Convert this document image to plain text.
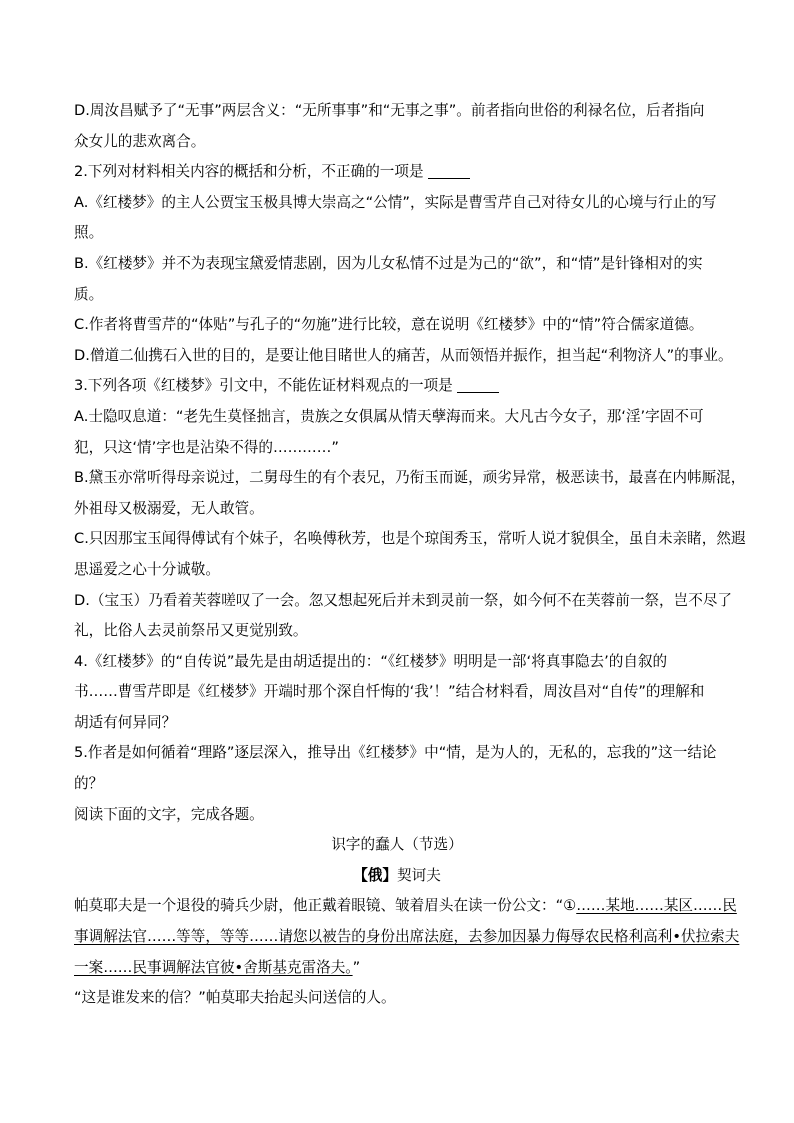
D.周汝昌赋予了“无事”两层含义：“无所事事”和“无事之事”。前者指向世俗的利禄名位，后者指向
众女儿的悲欢离合。
2.下列对材料相关内容的概括和分析，不正确的一项是
A.《红楼梦》的主人公贾宝玉极具博大崇高之“公情”，实际是曹雪芹自己对待女儿的心境与行止的写
照。
B.《红楼梦》并不为表现宝黛爱情悲剧，因为儿女私情不过是为己的“欲”，和“情”是针锋相对的实
质。
C.作者将曹雪芹的“体贴”与孔子的“勿施”进行比较，意在说明《红楼梦》中的“情”符合儒家道德。
D.僧道二仙携石入世的目的，是要让他目睹世人的痛苦，从而领悟并振作，担当起“利物济人”的事业。
3.下列各项《红楼梦》引文中，不能佐证材料观点的一项是
A.士隐叹息道：“老先生莫怪拙言，贵族之女俱属从情天孽海而来。大凡古今女子，那‘淫’字固不可
犯，只这‘情’字也是沾染不得的…………”
B.黛玉亦常听得母亲说过，二舅母生的有个表兄，乃衔玉而诞，顽劣异常，极恶读书，最喜在内帏厮混，
外祖母又极溺爱，无人敢管。
C.只因那宝玉闻得傅试有个妹子，名唤傅秋芳，也是个琼闺秀玉，常听人说才貌俱全，虽自未亲睹，然遐
思遥爱之心十分诚敬。
D.（宝玉）乃看着芙蓉嗟叹了一会。忽又想起死后并未到灵前一祭，如今何不在芙蓉前一祭，岂不尽了
礼，比俗人去灵前祭吊又更觉别致。
4.《红楼梦》的“自传说”最先是由胡适提出的：“《红楼梦》明明是一部‘将真事隐去’的自叙的
书……曹雪芹即是《红楼梦》开端时那个深自忏悔的‘我’！”结合材料看，周汝昌对“自传”的理解和
胡适有何异同？
5.作者是如何循着“理路”逐层深入，推导出《红楼梦》中“情，是为人的，无私的，忘我的”这一结论
的？
阅读下面的文字，完成各题。
识字的蠢人（节选）
【俄】契诃夫
帕莫耶夫是一个退役的骑兵少尉，他正戴着眼镜、皱着眉头在读一份公文：“①……某地……某区……民
事调解法官……等等，等等……请您以被告的身份出席法庭，去参加因暴力侮辱农民格利高利•伏拉索夫
一案……民事调解法官彼•舍斯基克雷洛夫。”
“这是谁发来的信？”帕莫耶夫抬起头问送信的人。
